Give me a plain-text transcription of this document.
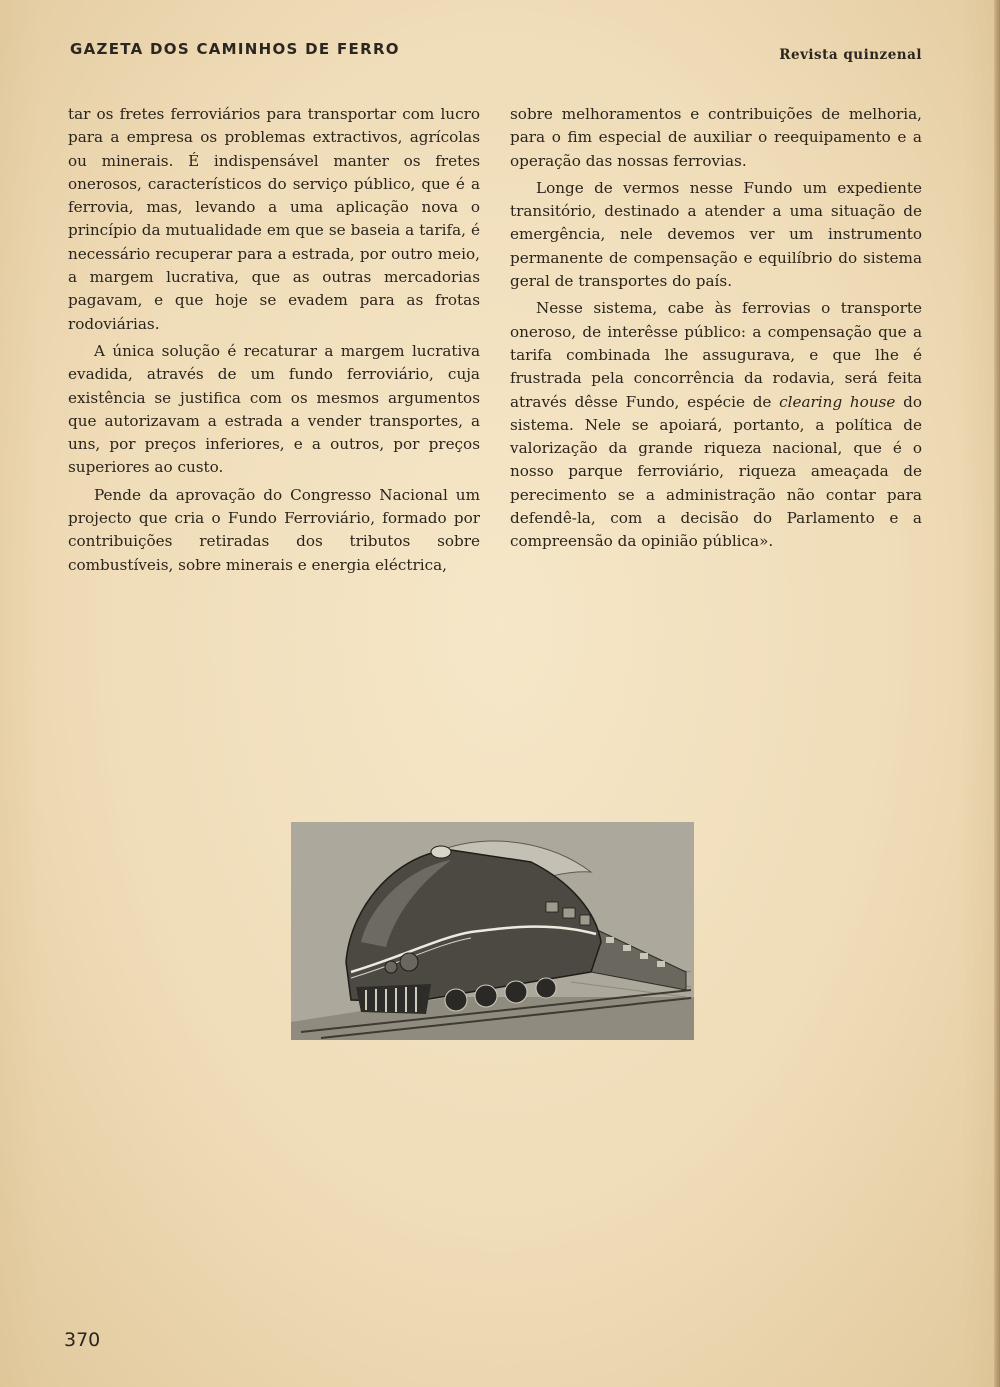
GAZETA DOS CAMINHOS DE FERRO	Revista quinzenal

tar os fretes ferroviários para transportar com lucro para a empresa os problemas extractivos, agrícolas ou minerais. É indispensável manter os fretes onerosos, característicos do serviço público, que é a ferrovia, mas, levando a uma aplicação nova o princípio da mutualidade em que se baseia a tarifa, é necessário recuperar para a estrada, por outro meio, a margem lucrativa, que as outras mercadorias pagavam, e que hoje se evadem para as frotas rodoviárias.

A única solução é recaturar a margem lucrativa evadida, através de um fundo ferroviário, cuja existência se justifica com os mesmos argumentos que autorizavam a estrada a vender transportes, a uns, por preços inferiores, e a outros, por preços superiores ao custo.

Pende da aprovação do Congresso Nacional um projecto que cria o Fundo Ferroviário, formado por contribuições retiradas dos tributos sobre combustíveis, sobre minerais e energia eléctrica,

sobre melhoramentos e contribuições de melhoria, para o fim especial de auxiliar o reequipamento e a operação das nossas ferrovias.

Longe de vermos nesse Fundo um expediente transitório, destinado a atender a uma situação de emergência, nele devemos ver um instrumento permanente de compensação e equilíbrio do sistema geral de transportes do país.

Nesse sistema, cabe às ferrovias o transporte oneroso, de interêsse público: a compensação que a tarifa combinada lhe assugurava, e que lhe é frustrada pela concorrência da rodavia, será feita através dêsse Fundo, espécie de clearing house do sistema. Nele se apoiará, portanto, a política de valorização da grande riqueza nacional, que é o nosso parque ferroviário, riqueza ameaçada de perecimento se a administração não contar para defendê-la, com a decisão do Parlamento e a compreensão da opinião pública».

370
